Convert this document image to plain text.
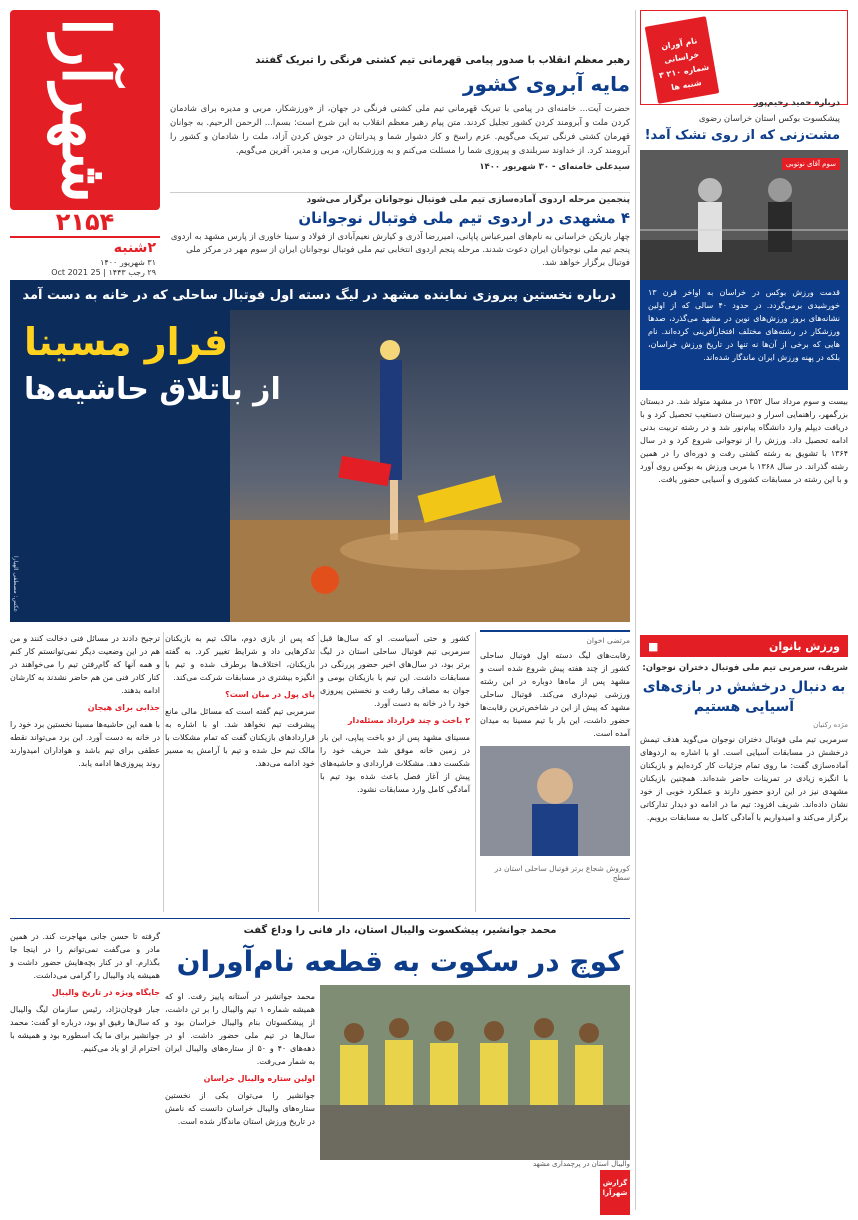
شهرآرا
۲۱۵۴
۲شنبه
۳۱ شهریور ۱۴۰۰
۲۹ رجب ۱۴۴۳ | 25 Oct 2021
رهبر معظم انقلاب با صدور پیامی قهرمانی تیم کشتی فرنگی را تبریک گفتند
مایه آبروی کشور
حضرت آیت‌... خامنه‌ای در پیامی با تبریک قهرمانی تیم ملی کشتی فرنگی در جهان، از «ورزشکار، مربی و مدیره برای شادمان کردن ملت و آبرومند کردن کشور تجلیل کردند. متن پیام رهبر معظم انقلاب به این شرح است: بسم‌ا... الرحمن الرحیم. به جوانان قهرمان کشتی فرنگی تبریک می‌گویم. عزم راسخ و کار دشوار شما و پدرانتان در جوش کردن آزاد، ملت را شادمان و کشور را آبرومند کرد. از خداوند سربلندی و پیروزی شما را مسئلت می‌کنم و به ورزشکاران، مربی و مدیر، آفرین می‌گویم.
سیدعلی خامنه‌ای - ۳۰ شهریور ۱۴۰۰
پنجمین مرحله اردوی آماده‌سازی تیم ملی فوتبال نوجوانان برگزار می‌شود
۴ مشهدی در اردوی تیم ملی فوتبال نوجوانان
چهار بازیکن خراسانی به نام‌های امیرعباس پاپانی، امیررضا آذری و کیارش نعیم‌آبادی از فولاد و سینا خاوری از پارس مشهد به اردوی پنجم تیم ملی نوجوانان ایران دعوت شدند. مرحله پنجم اردوی انتخابی تیم ملی فوتبال نوجوانان ایران از سوم مهر در مرکز ملی فوتبال برگزار خواهد شد.
درباره نخستین پیروزی نماینده مشهد در لیگ دسته اول فوتبال ساحلی که در خانه به دست آمد
فرار مسینا
از باتلاق حاشیه‌ها
عکس: مصطفی الهیارا
نام آوران خراسانی شماره ۲۱۰ ۳ شنبه ها
درباره حمید رحیم‌پور
پیشکسوت بوکس استان خراسان رضوی
مشت‌زنی که از روی تشک آمد!
سوم آقای نوتوبی
قدمت ورزش بوکس در خراسان به اواخر قرن ۱۳ خورشیدی برمی‌گردد. در حدود ۴۰ سالی که از اولین نشانه‌های بروز ورزش‌های نوین در مشهد می‌گذرد، صدها ورزشکار در رشته‌های مختلف افتخارآفرینی کرده‌اند. نام هایی که برخی از آن‌ها نه تنها در تاریخ ورزش خراسان، بلکه در پهنه ورزش ایران ماندگار شده‌اند.
بیست و سوم مرداد سال ۱۳۵۲ در مشهد متولد شد. در دبستان بزرگمهر، راهنمایی اسرار و دبیرستان دستغیب تحصیل کرد و با دریافت دیپلم وارد دانشگاه پیام‌نور شد و در رشته تربیت بدنی ادامه تحصیل داد. ورزش را از نوجوانی شروع کرد و در سال ۱۳۶۴ با تشویق به رشته کشتی رفت و دوره‌ای را در همین رشته گذراند. در سال ۱۳۶۸ با مربی ورزش به بوکس روی آورد و با این رشته در مسابقات کشوری و آسیایی حضور یافت.
ورزش بانوان
■
شریف، سرمربی تیم ملی فوتبال دختران نوجوان:
به دنبال درخشش در بازی‌های آسیایی هستیم
مژده رکنیان
سرمربی تیم ملی فوتبال دختران نوجوان می‌گوید هدف تیمش درخشش در مسابقات آسیایی است. او با اشاره به اردوهای آماده‌سازی گفت: ما روی تمام جزئیات کار کرده‌ایم و بازیکنان با انگیزه زیادی در تمرینات حاضر شده‌اند. همچنین بازیکنان مشهدی نیز در این اردو حضور دارند و عملکرد خوبی از خود نشان داده‌اند. شریف افزود: تیم ما در ادامه دو دیدار تدارکاتی برگزار می‌کند و امیدواریم با آمادگی کامل به مسابقات برویم.
مرتضی اخوان
رقابت‌های لیگ دسته اول فوتبال ساحلی کشور از چند هفته پیش شروع شده است و مشهد پس از ماه‌ها دوباره در این رشته ورزشی تیم‌داری می‌کند. فوتبال ساحلی مشهد که پیش از این در شاخص‌ترین رقابت‌ها حضور داشت، این بار با تیم مسینا به میدان آمده است.
کوروش شجاع برتر فوتبال ساحلی استان در سطح
کشور و حتی آسیاست. او که سال‌ها قبل سرمربی تیم فوتبال ساحلی استان در لیگ برتر بود، در سال‌های اخیر حضور پررنگی در مسابقات داشت. این تیم با بازیکنان بومی و جوان به مصاف رقبا رفت و نخستین پیروزی خود را در خانه به دست آورد.
۲ باخت و چند قرارداد مسئله‌دار
مسینای مشهد پس از دو باخت پیاپی، این بار در زمین خانه موفق شد حریف خود را شکست دهد. مشکلات قراردادی و حاشیه‌های پیش از آغاز فصل باعث شده بود تیم با آمادگی کامل وارد مسابقات نشود.
که پس از بازی دوم، مالک تیم به بازیکنان تذکرهایی داد و شرایط تغییر کرد. به گفته بازیکنان، اختلاف‌ها برطرف شده و تیم با انگیزه بیشتری در مسابقات شرکت می‌کند.
پای پول در میان است؟
سرمربی تیم گفته است که مسائل مالی مانع پیشرفت تیم نخواهد شد. او با اشاره به قراردادهای بازیکنان گفت که تمام مشکلات با مالک تیم حل شده و تیم با آرامش به مسیر خود ادامه می‌دهد.
ترجیح دادند در مسائل فنی دخالت کنند و من هم در این وضعیت دیگر نمی‌توانستم کار کنم و همه آنها که گام‌رفتن تیم را می‌خواهند در کنار کادر فنی من هم حاضر نشدند به کارشان ادامه بدهند.
جذابی برای هیجان
با همه این حاشیه‌ها مسینا نخستین برد خود را در خانه به دست آورد. این برد می‌تواند نقطه عطفی برای تیم باشد و هواداران امیدوارند روند پیروزی‌ها ادامه یابد.
محمد جوانشیر، پیشکسوت والیبال استان، دار فانی را وداع گفت
کوچ در سکوت به قطعه نام‌آوران
والیبال استان در پرچمداری مشهد
محمد جوانشیر در آستانه پاییز رفت. او که همیشه شماره ۱ تیم والیبال را بر تن داشت، از پیشکسوتان بنام والیبال خراسان بود و سال‌ها در تیم ملی حضور داشت. او در دهه‌های ۴۰ و ۵۰ از ستاره‌های والیبال ایران به شمار می‌رفت.
اولین ستاره والیبال خراسان
جوانشیر را می‌توان یکی از نخستین ستاره‌های والیبال خراسان دانست که نامش در تاریخ ورزش استان ماندگار شده است.
گرفته تا حسن جانی مهاجرت کند. در همین مادر و می‌گفت نمی‌توانم را در اینجا جا بگذارم. او در کنار بچه‌هایش حضور داشت و همیشه یاد والیبال را گرامی می‌داشت.
جایگاه ویژه در تاریخ والیبال
جبار قوچان‌نژاد، رئیس سازمان لیگ والیبال که سال‌ها رفیق او بود، درباره او گفت: محمد جوانشیر برای ما یک اسطوره بود و همیشه با احترام از او یاد می‌کنیم.
گزارش شهرآرا
